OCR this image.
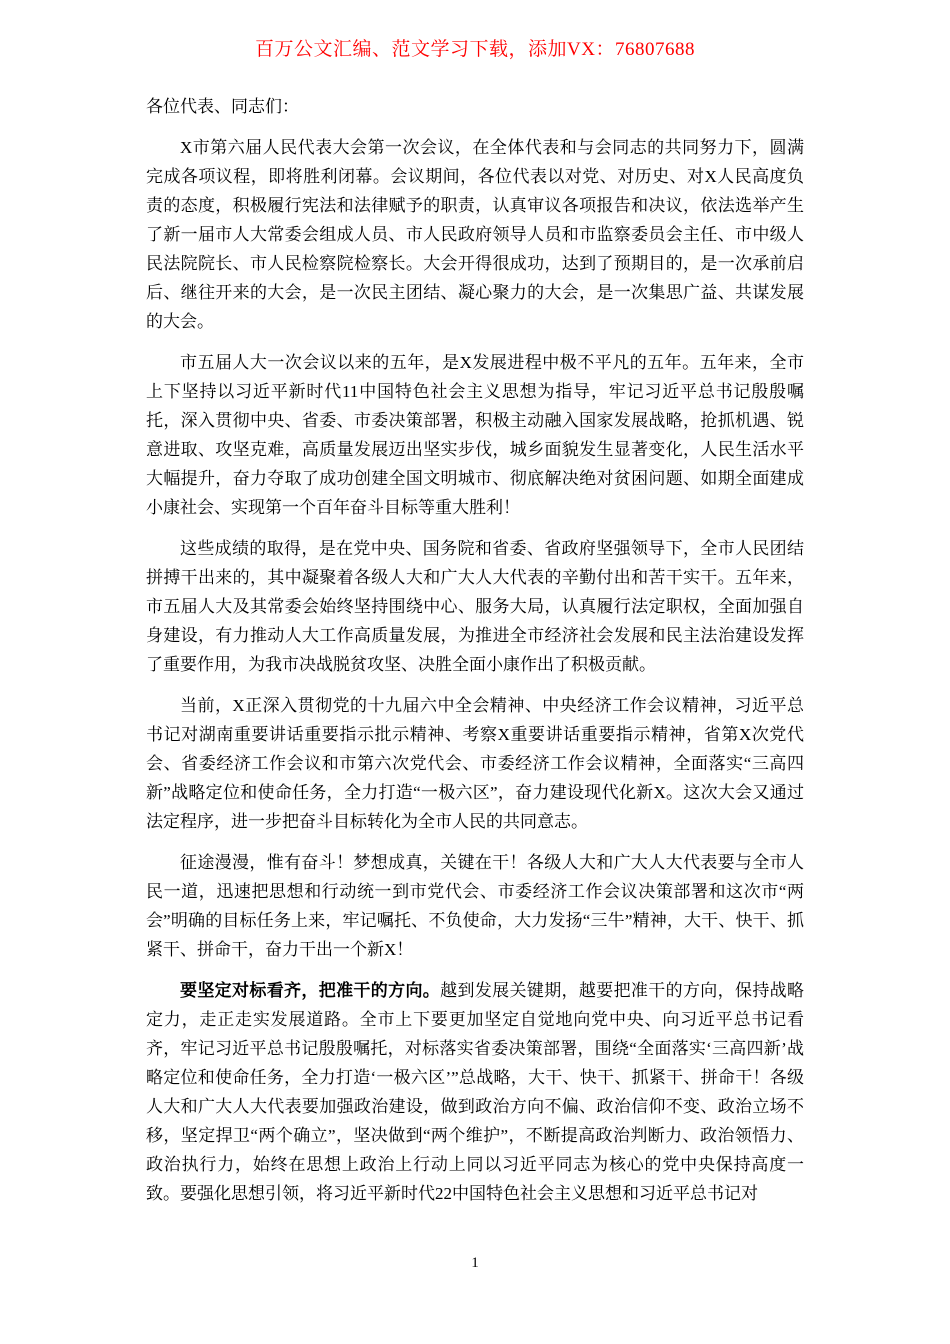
百万公文汇编、范文学习下载，添加VX：76807688

各位代表、同志们：

X市第六届人民代表大会第一次会议，在全体代表和与会同志的共同努力下，圆满完成各项议程，即将胜利闭幕。会议期间，各位代表以对党、对历史、对X人民高度负责的态度，积极履行宪法和法律赋予的职责，认真审议各项报告和决议，依法选举产生了新一届市人大常委会组成人员、市人民政府领导人员和市监察委员会主任、市中级人民法院院长、市人民检察院检察长。大会开得很成功，达到了预期目的，是一次承前启后、继往开来的大会，是一次民主团结、凝心聚力的大会，是一次集思广益、共谋发展的大会。

市五届人大一次会议以来的五年，是X发展进程中极不平凡的五年。五年来，全市上下坚持以习近平新时代11中国特色社会主义思想为指导，牢记习近平总书记殷殷嘱托，深入贯彻中央、省委、市委决策部署，积极主动融入国家发展战略，抢抓机遇、锐意进取、攻坚克难，高质量发展迈出坚实步伐，城乡面貌发生显著变化，人民生活水平大幅提升，奋力夺取了成功创建全国文明城市、彻底解决绝对贫困问题、如期全面建成小康社会、实现第一个百年奋斗目标等重大胜利！

这些成绩的取得，是在党中央、国务院和省委、省政府坚强领导下，全市人民团结拼搏干出来的，其中凝聚着各级人大和广大人大代表的辛勤付出和苦干实干。五年来，市五届人大及其常委会始终坚持围绕中心、服务大局，认真履行法定职权，全面加强自身建设，有力推动人大工作高质量发展，为推进全市经济社会发展和民主法治建设发挥了重要作用，为我市决战脱贫攻坚、决胜全面小康作出了积极贡献。

当前，X正深入贯彻党的十九届六中全会精神、中央经济工作会议精神，习近平总书记对湖南重要讲话重要指示批示精神、考察X重要讲话重要指示精神，省第X次党代会、省委经济工作会议和市第六次党代会、市委经济工作会议精神，全面落实“三高四新”战略定位和使命任务，全力打造“一极六区”，奋力建设现代化新X。这次大会又通过法定程序，进一步把奋斗目标转化为全市人民的共同意志。

征途漫漫，惟有奋斗！梦想成真，关键在干！各级人大和广大人大代表要与全市人民一道，迅速把思想和行动统一到市党代会、市委经济工作会议决策部署和这次市“两会”明确的目标任务上来，牢记嘱托、不负使命，大力发扬“三牛”精神，大干、快干、抓紧干、拼命干，奋力干出一个新X！

要坚定对标看齐，把准干的方向。越到发展关键期，越要把准干的方向，保持战略定力，走正走实发展道路。全市上下要更加坚定自觉地向党中央、向习近平总书记看齐，牢记习近平总书记殷殷嘱托，对标落实省委决策部署，围绕“全面落实‘三高四新’战略定位和使命任务，全力打造‘一极六区’”总战略，大干、快干、抓紧干、拼命干！各级人大和广大人大代表要加强政治建设，做到政治方向不偏、政治信仰不变、政治立场不移，坚定捍卫“两个确立”，坚决做到“两个维护”，不断提高政治判断力、政治领悟力、政治执行力，始终在思想上政治上行动上同以习近平同志为核心的党中央保持高度一致。要强化思想引领，将习近平新时代22中国特色社会主义思想和习近平总书记对

1
